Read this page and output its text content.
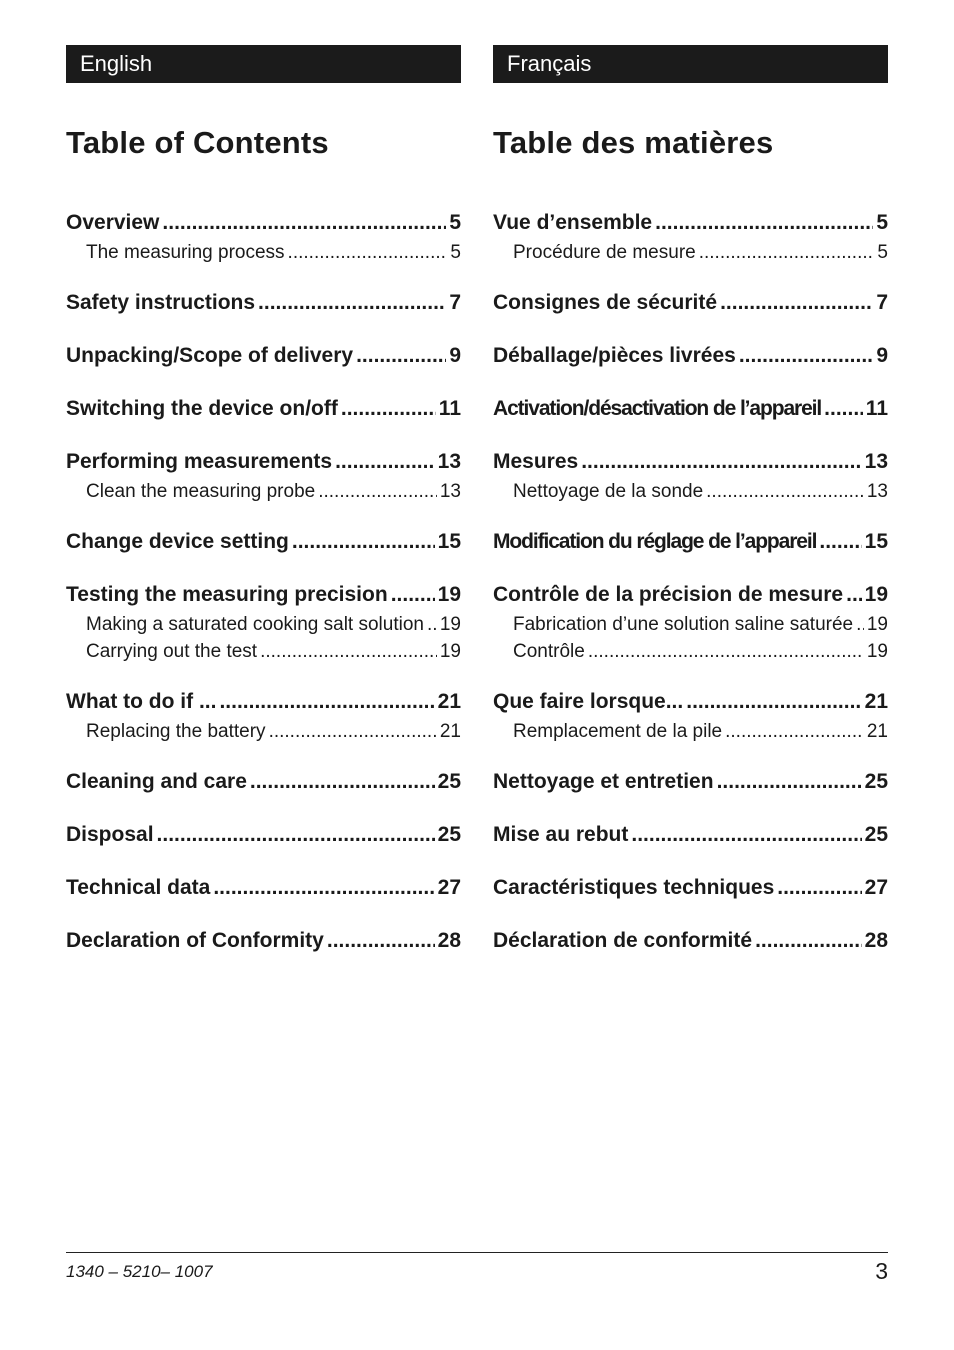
English
Table of Contents
Overview .....	5
The measuring process .....	5
Safety instructions .....	7
Unpacking/Scope of delivery .....	9
Switching the device on/off .....	11
Performing measurements .....	13
Clean the measuring probe .....	13
Change device setting .....	15
Testing the measuring precision ..... 19
Making a saturated cooking salt solution ..... 19
Carrying out the test .....	19
What to do if ... .....	21
Replacing the battery .....	21
Cleaning and care .....	25
Disposal .....	25
Technical data .....	27
Declaration of Conformity .....	28
Français
Table des matières
Vue d’ensemble .....	5
Procédure de mesure .....	5
Consignes de sécurité .....	7
Déballage/pièces livrées .....	9
Activation/désactivation de l’appareil ..... 11
Mesures .....	13
Nettoyage de la sonde .....	13
Modification du réglage de l’appareil ..... 15
Contrôle de la précision de mesure ..... 19
Fabrication d’une solution saline saturée ..... 19
Contrôle .....	19
Que faire lorsque... .....	21
Remplacement de la pile .....	21
Nettoyage et entretien .....	25
Mise au rebut .....	25
Caractéristiques techniques .....	27
Déclaration de conformité .....	28
1340 – 5210– 1007	3
